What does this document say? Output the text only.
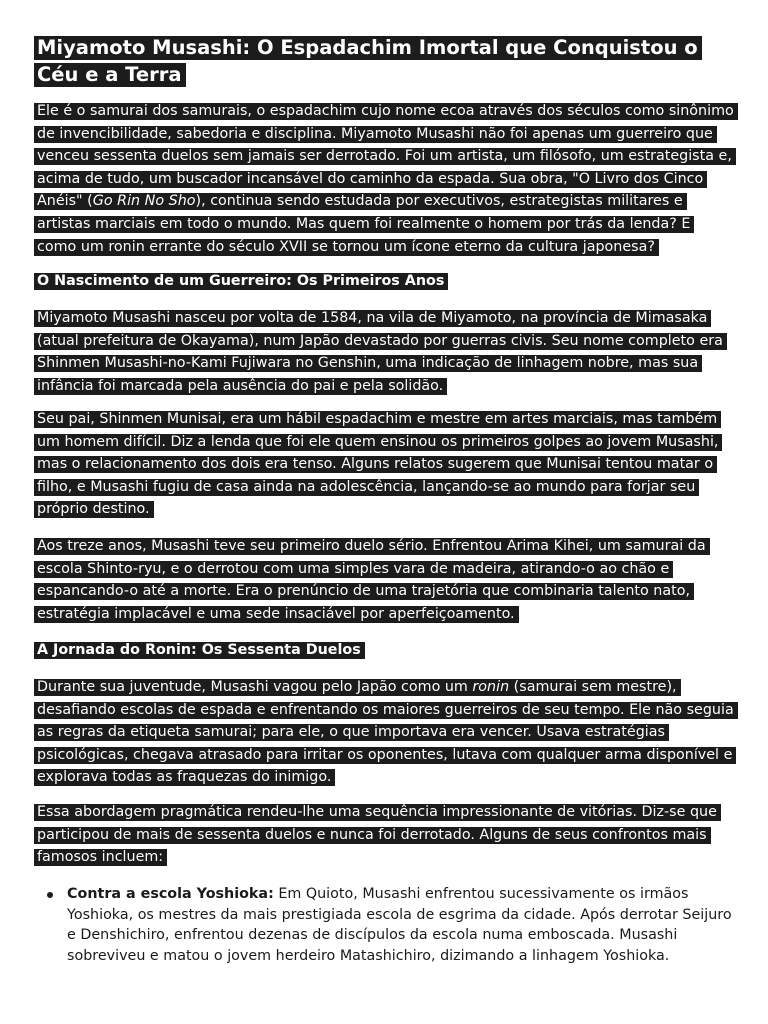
Miyamoto Musashi: O Espadachim Imortal que Conquistou o Céu e a Terra

Ele é o samurai dos samurais, o espadachim cujo nome ecoa através dos séculos como sinônimo de invencibilidade, sabedoria e disciplina. Miyamoto Musashi não foi apenas um guerreiro que venceu sessenta duelos sem jamais ser derrotado. Foi um artista, um filósofo, um estrategista e, acima de tudo, um buscador incansável do caminho da espada. Sua obra, "O Livro dos Cinco Anéis" (Go Rin No Sho), continua sendo estudada por executivos, estrategistas militares e artistas marciais em todo o mundo. Mas quem foi realmente o homem por trás da lenda? E como um ronin errante do século XVII se tornou um ícone eterno da cultura japonesa?

O Nascimento de um Guerreiro: Os Primeiros Anos

Miyamoto Musashi nasceu por volta de 1584, na vila de Miyamoto, na província de Mimasaka (atual prefeitura de Okayama), num Japão devastado por guerras civis. Seu nome completo era Shinmen Musashi-no-Kami Fujiwara no Genshin, uma indicação de linhagem nobre, mas sua infância foi marcada pela ausência do pai e pela solidão.

Seu pai, Shinmen Munisai, era um hábil espadachim e mestre em artes marciais, mas também um homem difícil. Diz a lenda que foi ele quem ensinou os primeiros golpes ao jovem Musashi, mas o relacionamento dos dois era tenso. Alguns relatos sugerem que Munisai tentou matar o filho, e Musashi fugiu de casa ainda na adolescência, lançando-se ao mundo para forjar seu próprio destino.

Aos treze anos, Musashi teve seu primeiro duelo sério. Enfrentou Arima Kihei, um samurai da escola Shinto-ryu, e o derrotou com uma simples vara de madeira, atirando-o ao chão e espancando-o até a morte. Era o prenúncio de uma trajetória que combinaria talento nato, estratégia implacável e uma sede insaciável por aperfeiçoamento.

A Jornada do Ronin: Os Sessenta Duelos

Durante sua juventude, Musashi vagou pelo Japão como um ronin (samurai sem mestre), desafiando escolas de espada e enfrentando os maiores guerreiros de seu tempo. Ele não seguia as regras da etiqueta samurai; para ele, o que importava era vencer. Usava estratégias psicológicas, chegava atrasado para irritar os oponentes, lutava com qualquer arma disponível e explorava todas as fraquezas do inimigo.

Essa abordagem pragmática rendeu-lhe uma sequência impressionante de vitórias. Diz-se que participou de mais de sessenta duelos e nunca foi derrotado. Alguns de seus confrontos mais famosos incluem:

Contra a escola Yoshioka: Em Quioto, Musashi enfrentou sucessivamente os irmãos Yoshioka, os mestres da mais prestigiada escola de esgrima da cidade. Após derrotar Seijuro e Denshichiro, enfrentou dezenas de discípulos da escola numa emboscada. Musashi sobreviveu e matou o jovem herdeiro Matashichiro, dizimando a linhagem Yoshioka.
